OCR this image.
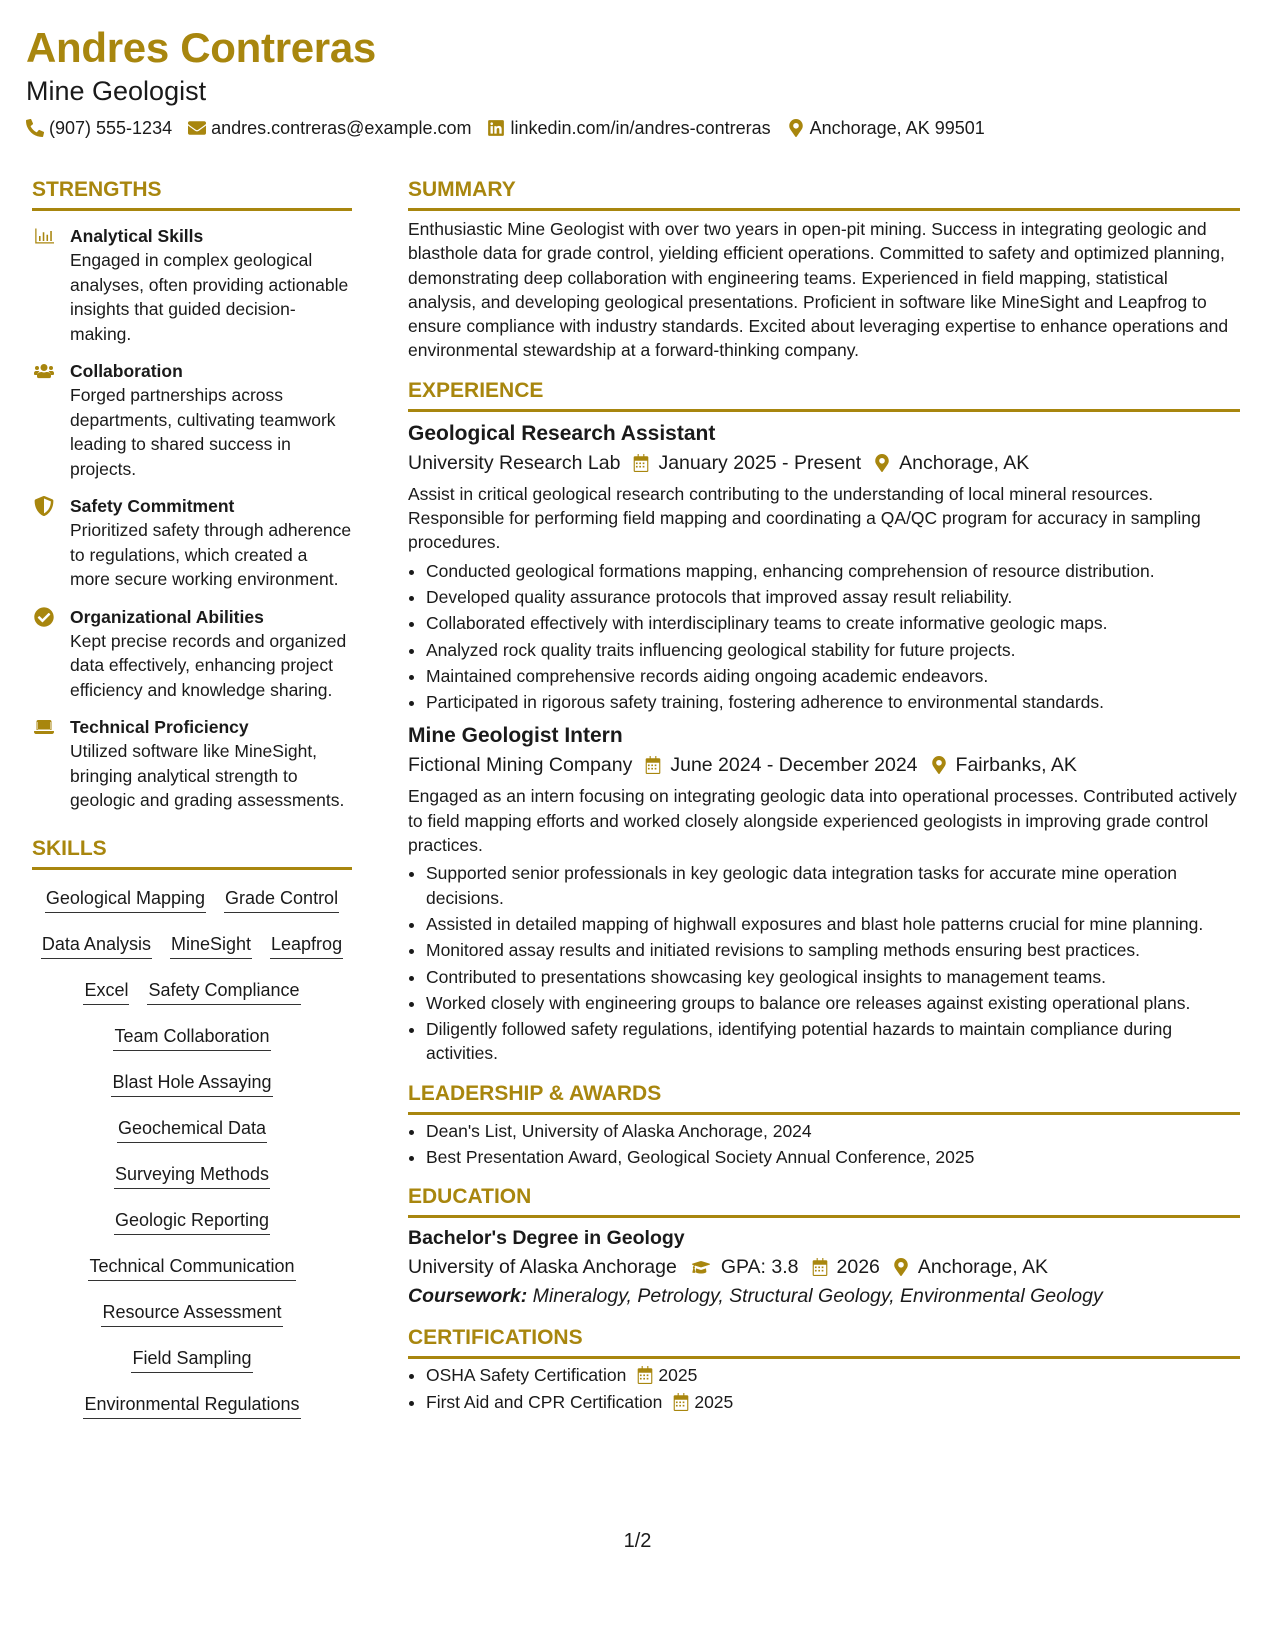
Andres Contreras
Mine Geologist
(907) 555-1234 andres.contreras@example.com linkedin.com/in/andres-contreras Anchorage, AK 99501
STRENGTHS
Analytical Skills
Engaged in complex geological analyses, often providing actionable insights that guided decision-making.
Collaboration
Forged partnerships across departments, cultivating teamwork leading to shared success in projects.
Safety Commitment
Prioritized safety through adherence to regulations, which created a more secure working environment.
Organizational Abilities
Kept precise records and organized data effectively, enhancing project efficiency and knowledge sharing.
Technical Proficiency
Utilized software like MineSight, bringing analytical strength to geologic and grading assessments.
SKILLS
Geological Mapping Grade Control
Data Analysis MineSight Leapfrog
Excel Safety Compliance
Team Collaboration
Blast Hole Assaying
Geochemical Data
Surveying Methods
Geologic Reporting
Technical Communication
Resource Assessment
Field Sampling
Environmental Regulations
SUMMARY
Enthusiastic Mine Geologist with over two years in open-pit mining. Success in integrating geologic and blasthole data for grade control, yielding efficient operations. Committed to safety and optimized planning, demonstrating deep collaboration with engineering teams. Experienced in field mapping, statistical analysis, and developing geological presentations. Proficient in software like MineSight and Leapfrog to ensure compliance with industry standards. Excited about leveraging expertise to enhance operations and environmental stewardship at a forward-thinking company.
EXPERIENCE
Geological Research Assistant
University Research Lab January 2025 - Present Anchorage, AK
Assist in critical geological research contributing to the understanding of local mineral resources. Responsible for performing field mapping and coordinating a QA/QC program for accuracy in sampling procedures.
• Conducted geological formations mapping, enhancing comprehension of resource distribution.
• Developed quality assurance protocols that improved assay result reliability.
• Collaborated effectively with interdisciplinary teams to create informative geologic maps.
• Analyzed rock quality traits influencing geological stability for future projects.
• Maintained comprehensive records aiding ongoing academic endeavors.
• Participated in rigorous safety training, fostering adherence to environmental standards.
Mine Geologist Intern
Fictional Mining Company June 2024 - December 2024 Fairbanks, AK
Engaged as an intern focusing on integrating geologic data into operational processes. Contributed actively to field mapping efforts and worked closely alongside experienced geologists in improving grade control practices.
• Supported senior professionals in key geologic data integration tasks for accurate mine operation decisions.
• Assisted in detailed mapping of highwall exposures and blast hole patterns crucial for mine planning.
• Monitored assay results and initiated revisions to sampling methods ensuring best practices.
• Contributed to presentations showcasing key geological insights to management teams.
• Worked closely with engineering groups to balance ore releases against existing operational plans.
• Diligently followed safety regulations, identifying potential hazards to maintain compliance during activities.
LEADERSHIP & AWARDS
• Dean's List, University of Alaska Anchorage, 2024
• Best Presentation Award, Geological Society Annual Conference, 2025
EDUCATION
Bachelor's Degree in Geology
University of Alaska Anchorage GPA: 3.8 2026 Anchorage, AK
Coursework: Mineralogy, Petrology, Structural Geology, Environmental Geology
CERTIFICATIONS
• OSHA Safety Certification 2025
• First Aid and CPR Certification 2025
1/2
